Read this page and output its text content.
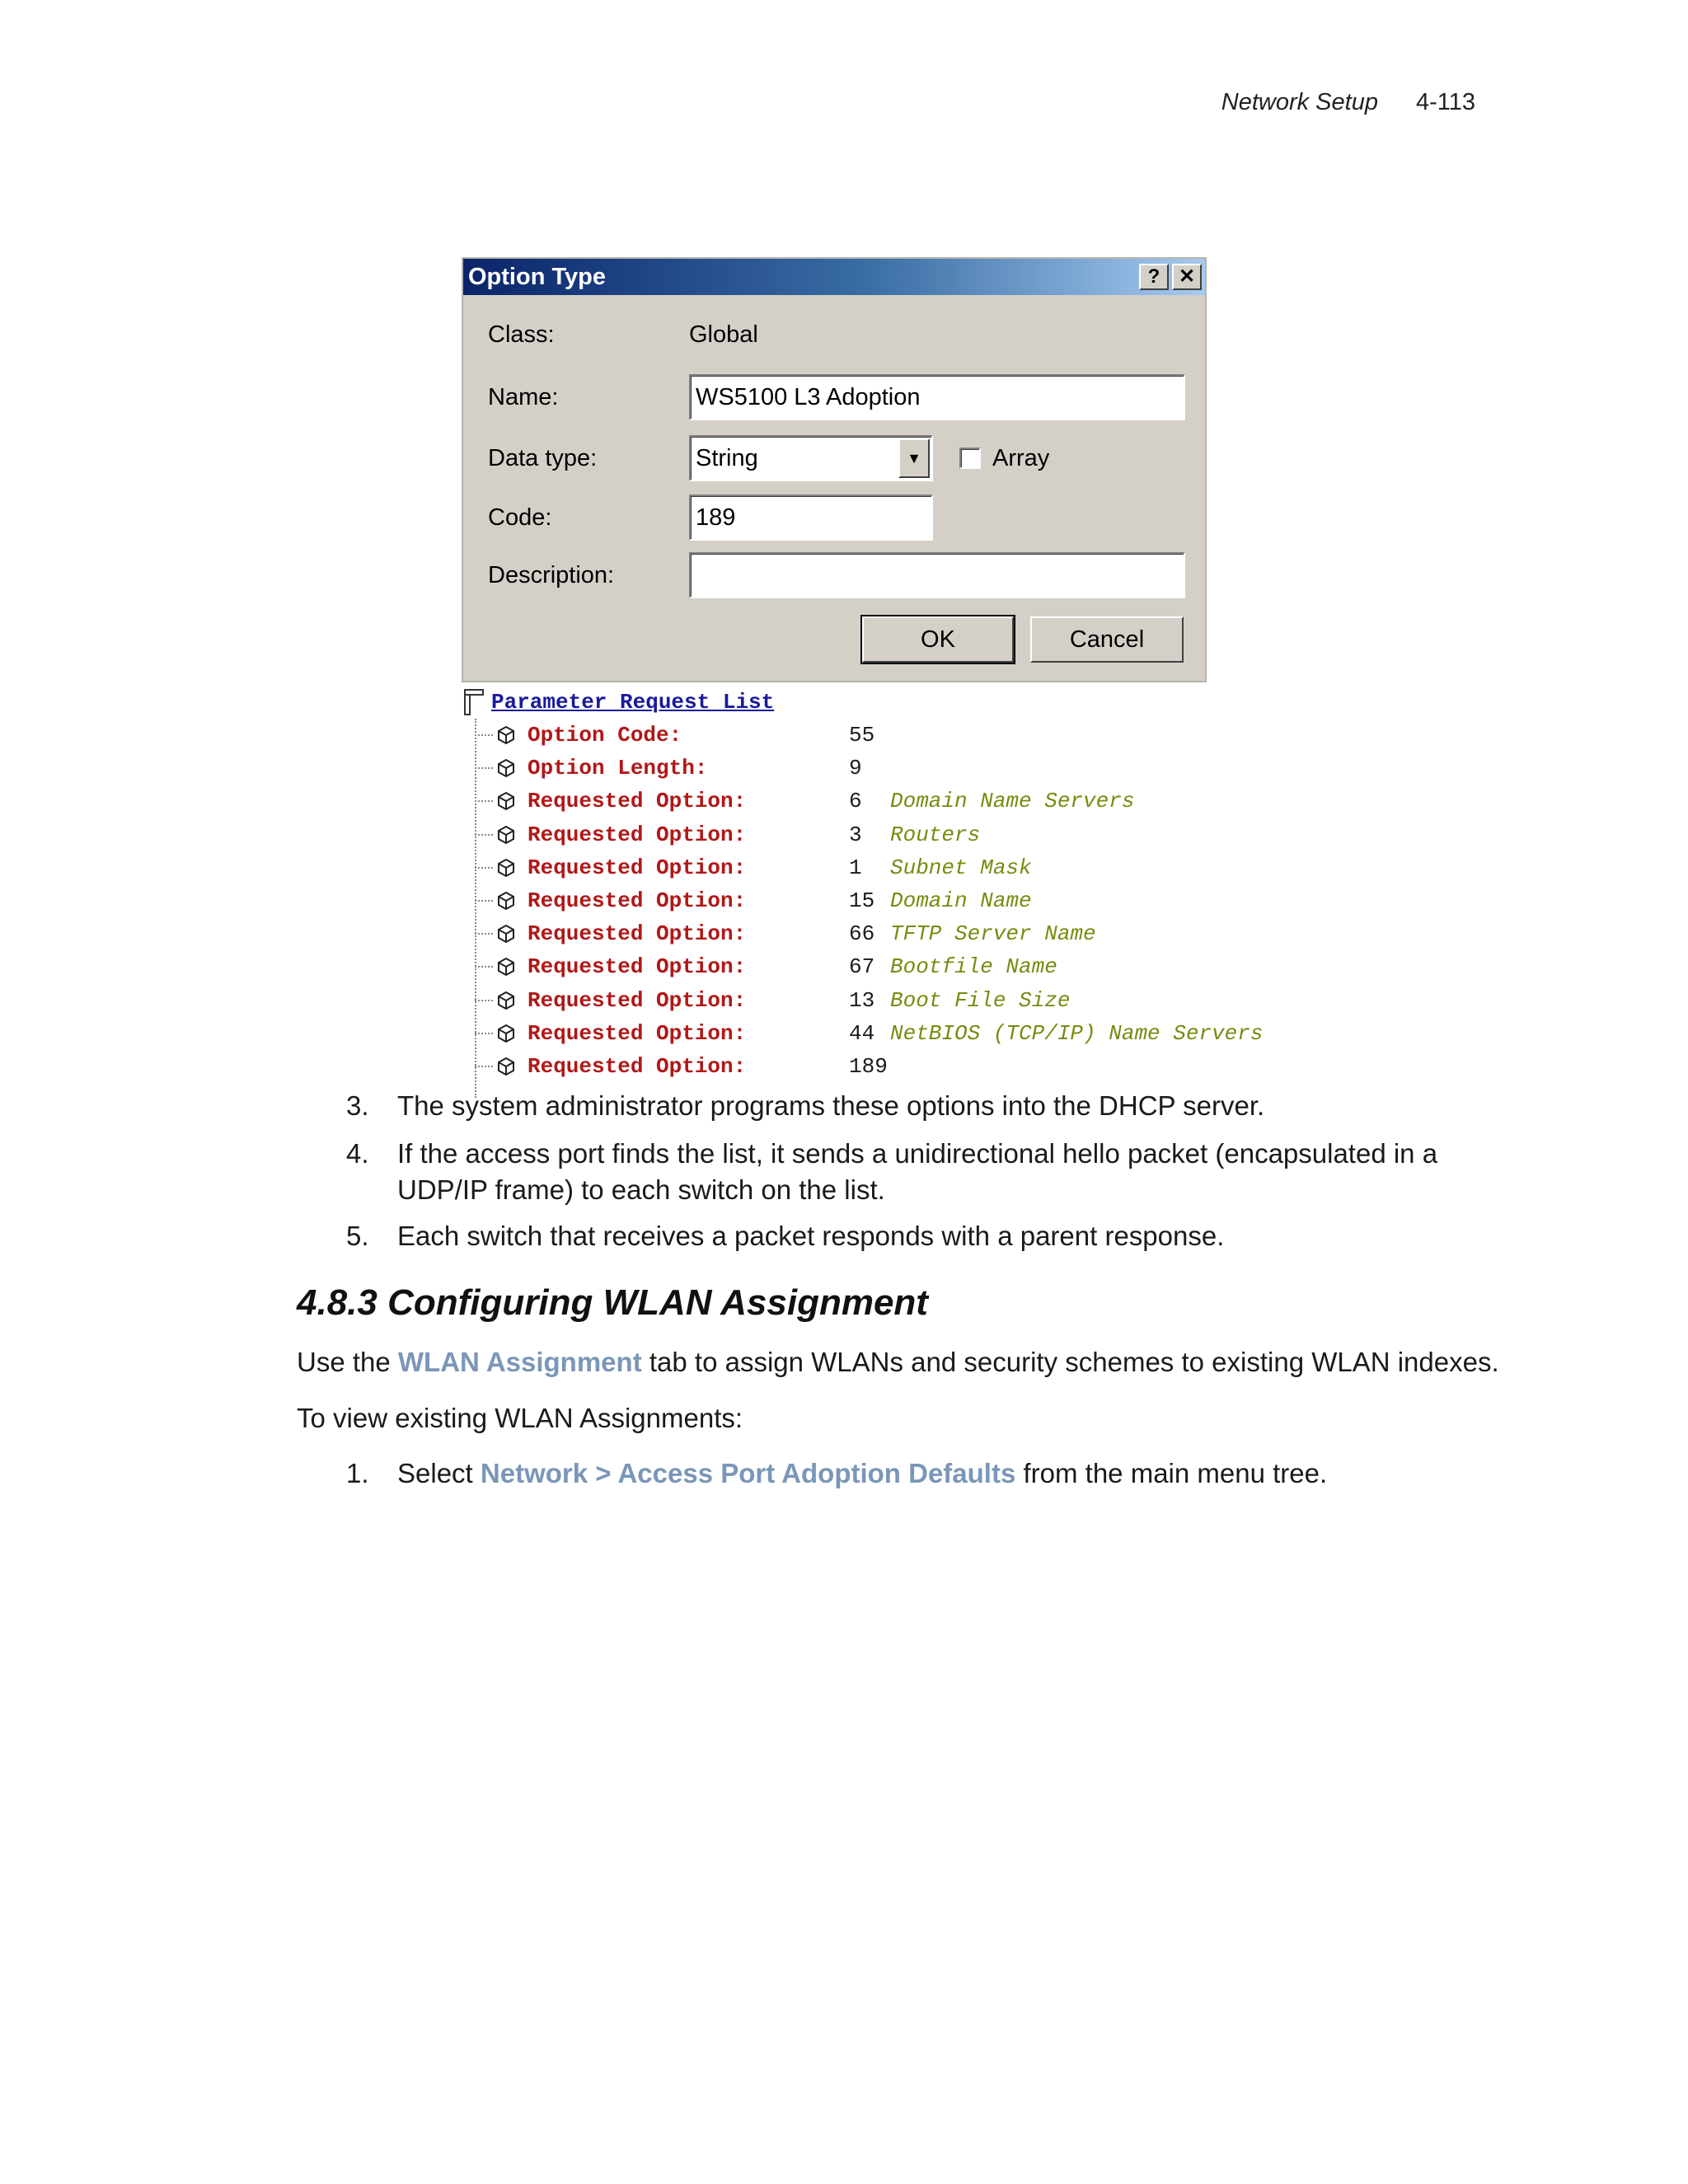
Network Setup 4-113
Option Type	? ✕
Class:	Global
Name:	WS5100 L3 Adoption
Data type:	String	▼	Array
Code:	189
Description:
OK	Cancel
Parameter Request List
Option Code:	55
Option Length:	9
Requested Option:	6	Domain Name Servers
Requested Option:	3	Routers
Requested Option:	1	Subnet Mask
Requested Option:	15 Domain Name
Requested Option:	66 TFTP Server Name
Requested Option:	67 Bootfile Name
Requested Option:	13 Boot File Size
Requested Option:	44 NetBIOS (TCP/IP) Name Servers
Requested Option:	189
3.	The system administrator programs these options into the DHCP server.
4.	If the access port finds the list, it sends a unidirectional hello packet (encapsulated in a UDP/IP frame) to each switch on the list.
5.	Each switch that receives a packet responds with a parent response.
4.8.3 Configuring WLAN Assignment
Use the WLAN Assignment tab to assign WLANs and security schemes to existing WLAN indexes.
To view existing WLAN Assignments:
1.	Select Network > Access Port Adoption Defaults from the main menu tree.
